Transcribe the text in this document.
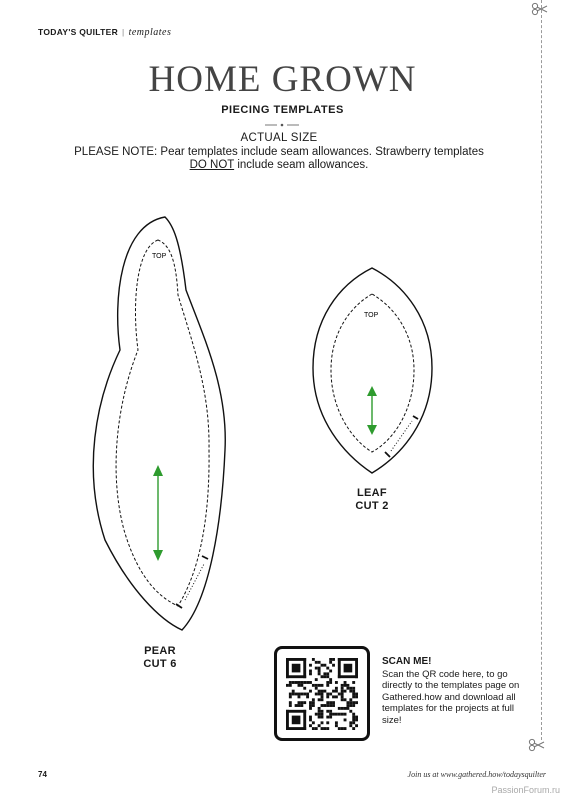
TODAY'S QUILTER | templates
HOME GROWN
PIECING TEMPLATES
ACTUAL SIZE
PLEASE NOTE: Pear templates include seam allowances. Strawberry templates DO NOT include seam allowances.
TOP
TOP
PEAR
CUT 6
LEAF
CUT 2
SCAN ME!
Scan the QR code here, to go directly to the templates page on Gathered.how and download all templates for the projects at full size!
74	Join us at www.gathered.how/todaysquilter
PassionForum.ru
